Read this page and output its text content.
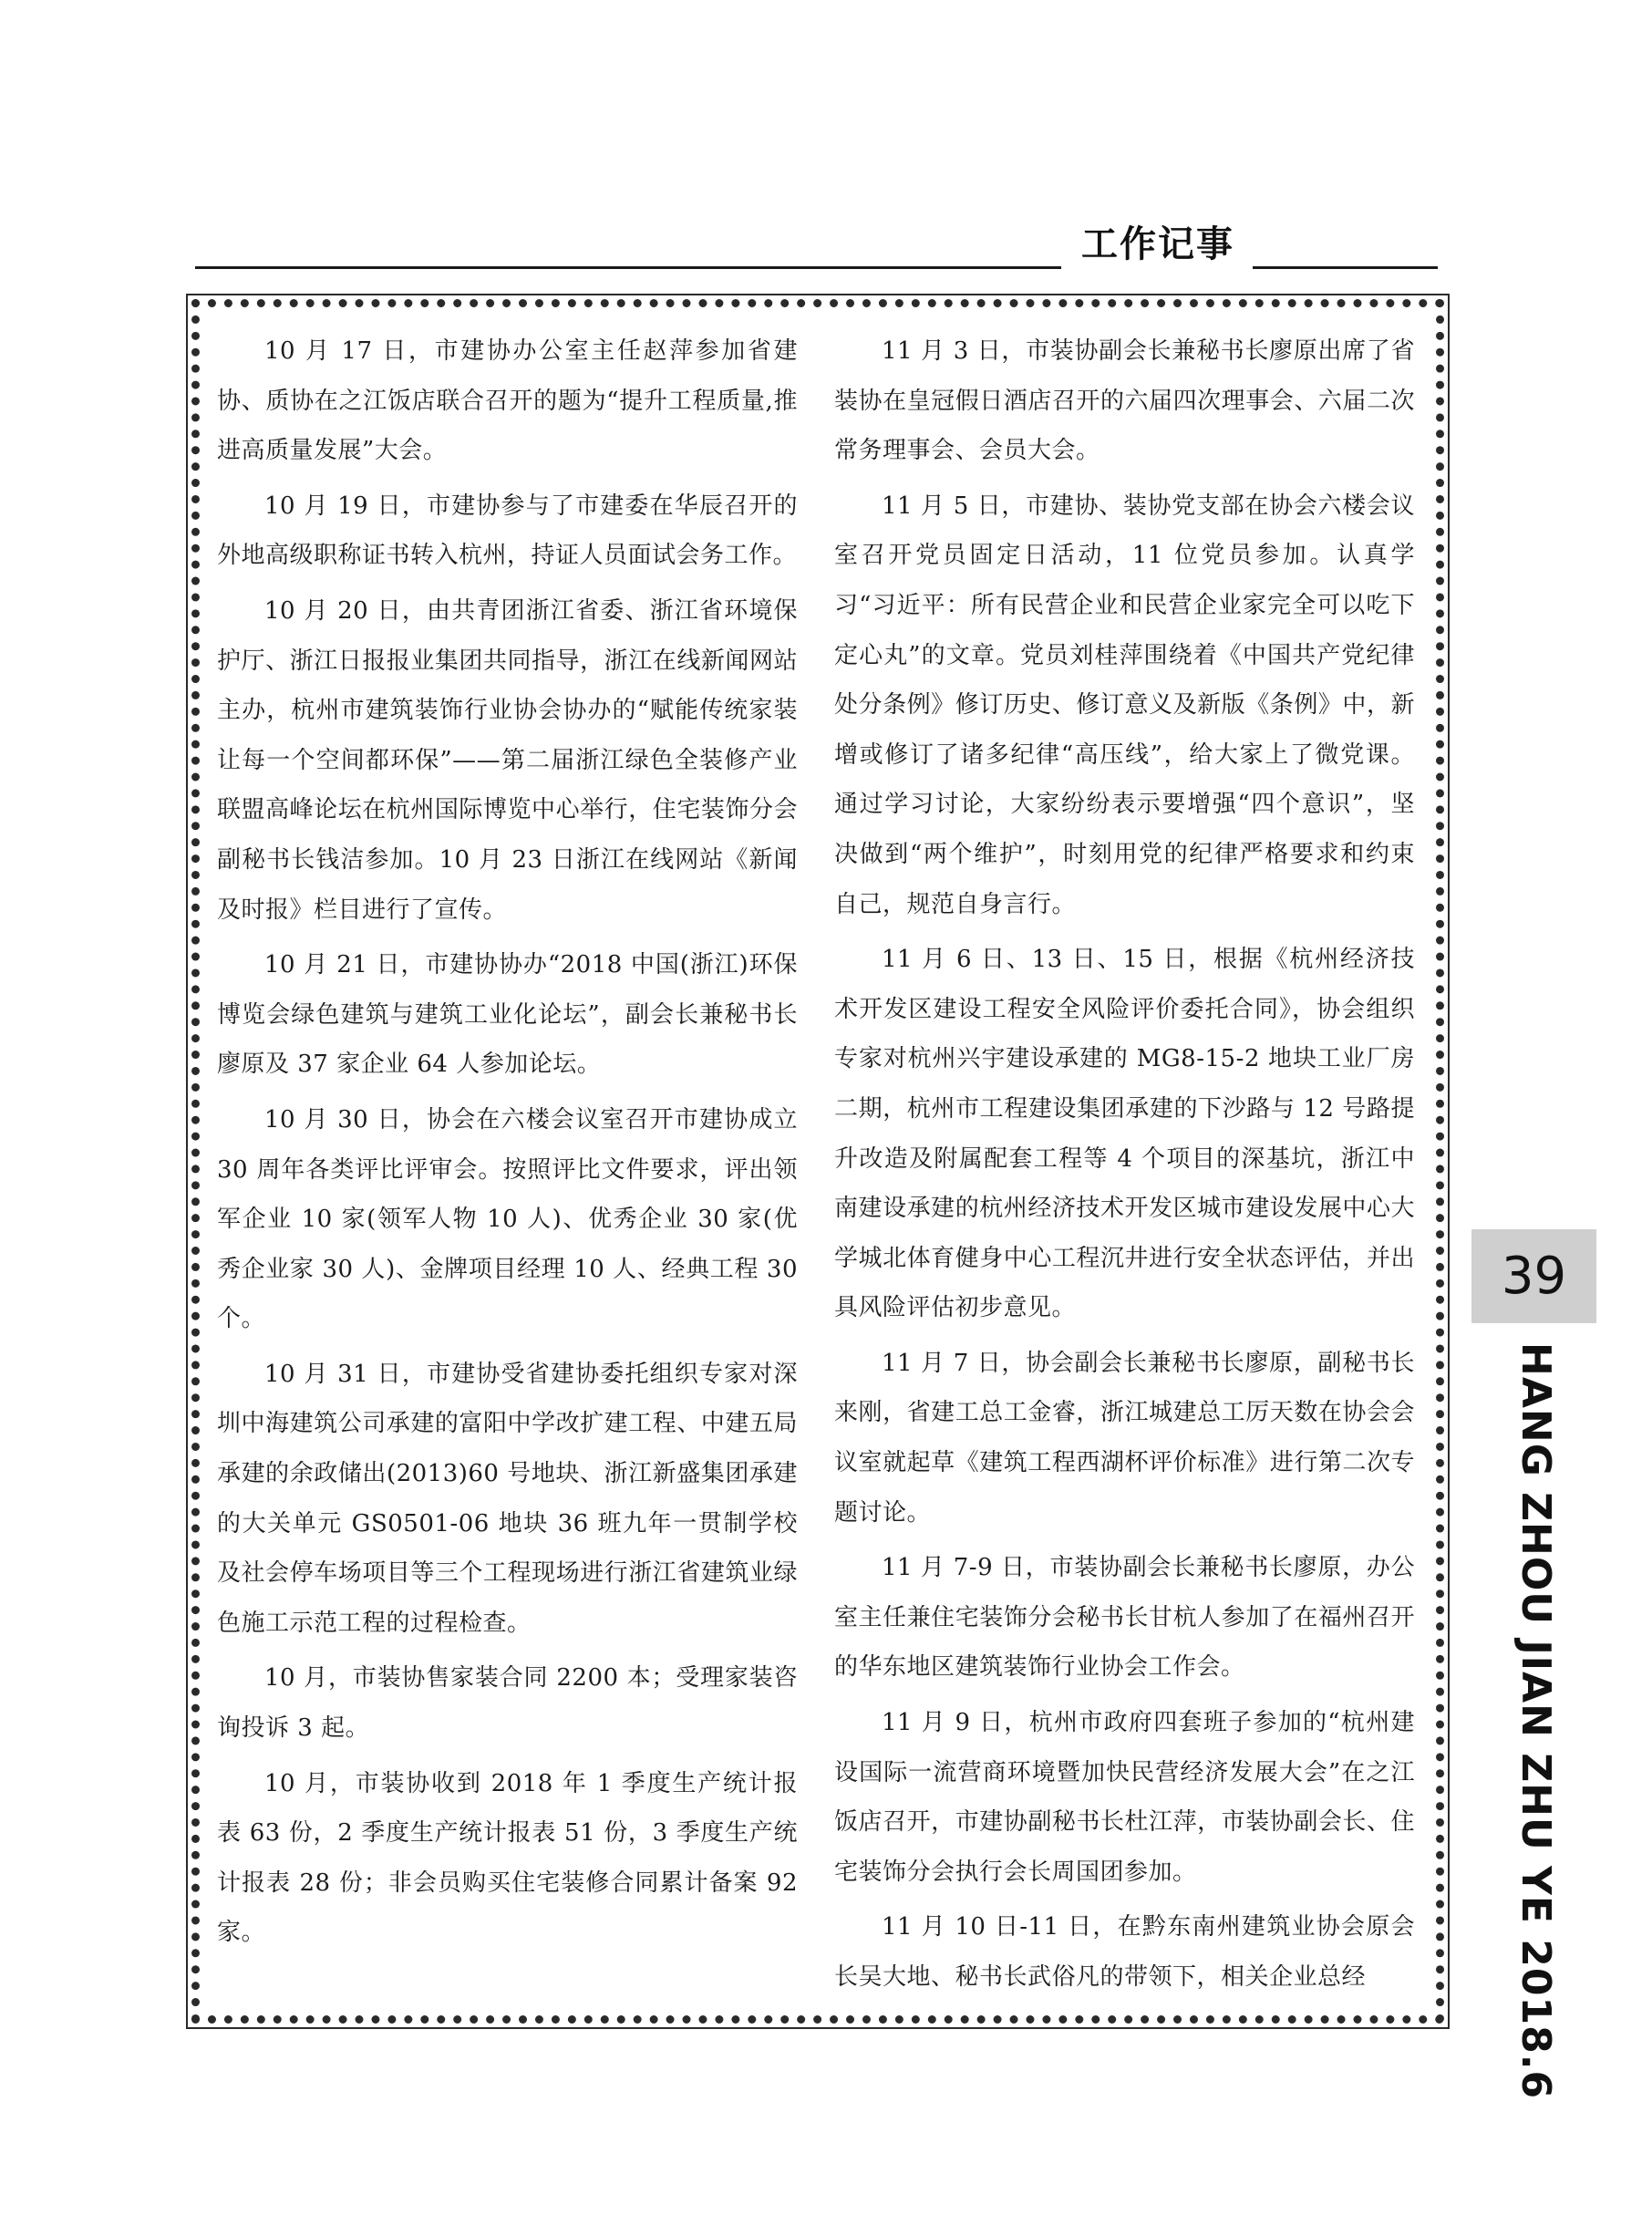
工作记事

10 月 17 日，市建协办公室主任赵萍参加省建协、质协在之江饭店联合召开的题为“提升工程质量,推进高质量发展”大会。

10 月 19 日，市建协参与了市建委在华辰召开的外地高级职称证书转入杭州，持证人员面试会务工作。

10 月 20 日，由共青团浙江省委、浙江省环境保护厅、浙江日报报业集团共同指导，浙江在线新闻网站主办，杭州市建筑装饰行业协会协办的“赋能传统家装 让每一个空间都环保”——第二届浙江绿色全装修产业联盟高峰论坛在杭州国际博览中心举行，住宅装饰分会副秘书长钱洁参加。10 月 23 日浙江在线网站《新闻及时报》栏目进行了宣传。

10 月 21 日，市建协协办“2018 中国(浙江)环保博览会绿色建筑与建筑工业化论坛”，副会长兼秘书长廖原及 37 家企业 64 人参加论坛。

10 月 30 日，协会在六楼会议室召开市建协成立 30 周年各类评比评审会。按照评比文件要求，评出领军企业 10 家(领军人物 10 人)、优秀企业 30 家(优秀企业家 30 人)、金牌项目经理 10 人、经典工程 30 个。

10 月 31 日，市建协受省建协委托组织专家对深圳中海建筑公司承建的富阳中学改扩建工程、中建五局承建的余政储出(2013)60 号地块、浙江新盛集团承建的大关单元 GS0501-06 地块 36 班九年一贯制学校及社会停车场项目等三个工程现场进行浙江省建筑业绿色施工示范工程的过程检查。

10 月，市装协售家装合同 2200 本；受理家装咨询投诉 3 起。

10 月，市装协收到 2018 年 1 季度生产统计报表 63 份，2 季度生产统计报表 51 份，3 季度生产统计报表 28 份；非会员购买住宅装修合同累计备案 92 家。

11 月 3 日，市装协副会长兼秘书长廖原出席了省装协在皇冠假日酒店召开的六届四次理事会、六届二次常务理事会、会员大会。

11 月 5 日，市建协、装协党支部在协会六楼会议室召开党员固定日活动，11 位党员参加。认真学习“习近平：所有民营企业和民营企业家完全可以吃下定心丸”的文章。党员刘桂萍围绕着《中国共产党纪律处分条例》修订历史、修订意义及新版《条例》中，新增或修订了诸多纪律“高压线”，给大家上了微党课。通过学习讨论，大家纷纷表示要增强“四个意识”，坚决做到“两个维护”，时刻用党的纪律严格要求和约束自己，规范自身言行。

11 月 6 日、13 日、15 日，根据《杭州经济技术开发区建设工程安全风险评价委托合同》，协会组织专家对杭州兴宇建设承建的 MG8-15-2 地块工业厂房二期，杭州市工程建设集团承建的下沙路与 12 号路提升改造及附属配套工程等 4 个项目的深基坑，浙江中南建设承建的杭州经济技术开发区城市建设发展中心大学城北体育健身中心工程沉井进行安全状态评估，并出具风险评估初步意见。

11 月 7 日，协会副会长兼秘书长廖原，副秘书长来刚，省建工总工金睿，浙江城建总工厉天数在协会会议室就起草《建筑工程西湖杯评价标准》进行第二次专题讨论。

11 月 7-9 日，市装协副会长兼秘书长廖原，办公室主任兼住宅装饰分会秘书长甘杭人参加了在福州召开的华东地区建筑装饰行业协会工作会。

11 月 9 日，杭州市政府四套班子参加的“杭州建设国际一流营商环境暨加快民营经济发展大会”在之江饭店召开，市建协副秘书长杜江萍，市装协副会长、住宅装饰分会执行会长周国团参加。

11 月 10 日-11 日，在黔东南州建筑业协会原会长吴大地、秘书长武俗凡的带领下，相关企业总经

39
HANG ZHOU JIAN ZHU YE 2018.6
